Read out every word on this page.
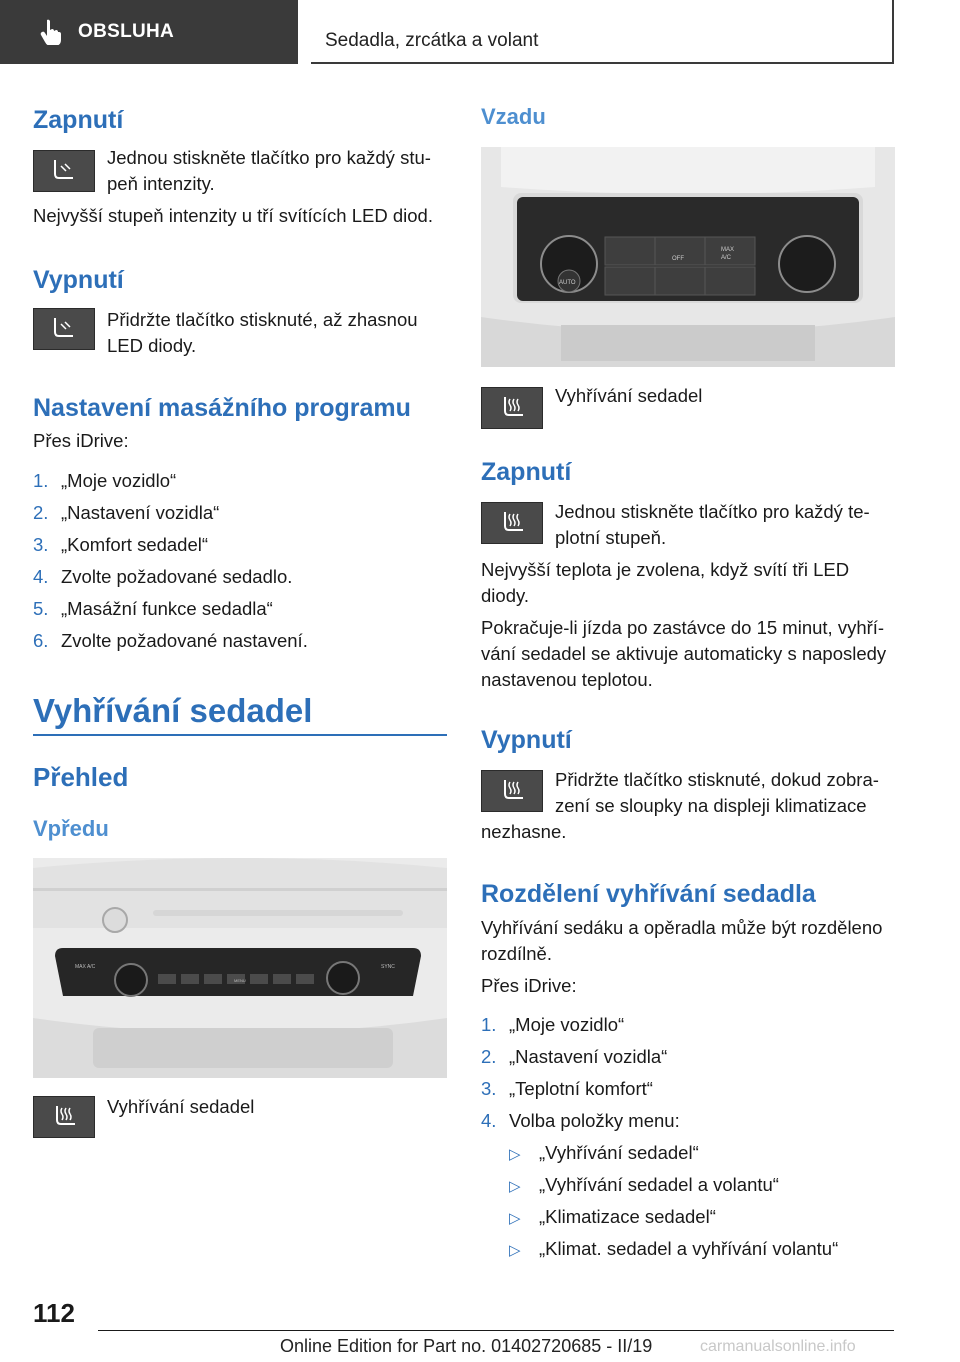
OBSLUHA	Sedadla, zrcátka a volant
Zapnutí
Jednou stiskněte tlačítko pro každý stu-
peň intenzity.
Nejvyšší stupeň intenzity u tří svítících LED diod.
Vypnutí
Přidržte tlačítko stisknuté, až zhasnou
LED diody.
Nastavení masážního programu
Přes iDrive:
1. „Moje vozidlo“
2. „Nastavení vozidla“
3. „Komfort sedadel“
4. Zvolte požadované sedadlo.
5. „Masážní funkce sedadla“
6. Zvolte požadované nastavení.
Vyhřívání sedadel
Přehled
Vpředu
MAX A/C	SYNC
MENU
Vyhřívání sedadel
Vzadu
AUTO
OFF
MAX
A/C
Vyhřívání sedadel
Zapnutí
Jednou stiskněte tlačítko pro každý te-
plotní stupeň.
Nejvyšší teplota je zvolena, když svítí tři LED
diody.
Pokračuje-li jízda po zastávce do 15 minut, vyhří-
vání sedadel se aktivuje automaticky s naposledy
nastavenou teplotou.
Vypnutí
Přidržte tlačítko stisknuté, dokud zobra-
zení se sloupky na displeji klimatizace
nezhasne.
Rozdělení vyhřívání sedadla
Vyhřívání sedáku a opěradla může být rozděleno
rozdílně.
Přes iDrive:
1. „Moje vozidlo“
2. „Nastavení vozidla“
3. „Teplotní komfort“
4. Volba položky menu:
▷ „Vyhřívání sedadel“
▷ „Vyhřívání sedadel a volantu“
▷ „Klimatizace sedadel“
▷ „Klimat. sedadel a vyhřívání volantu“
112
Online Edition for Part no. 01402720685 - II/19	carmanualsonline.info
